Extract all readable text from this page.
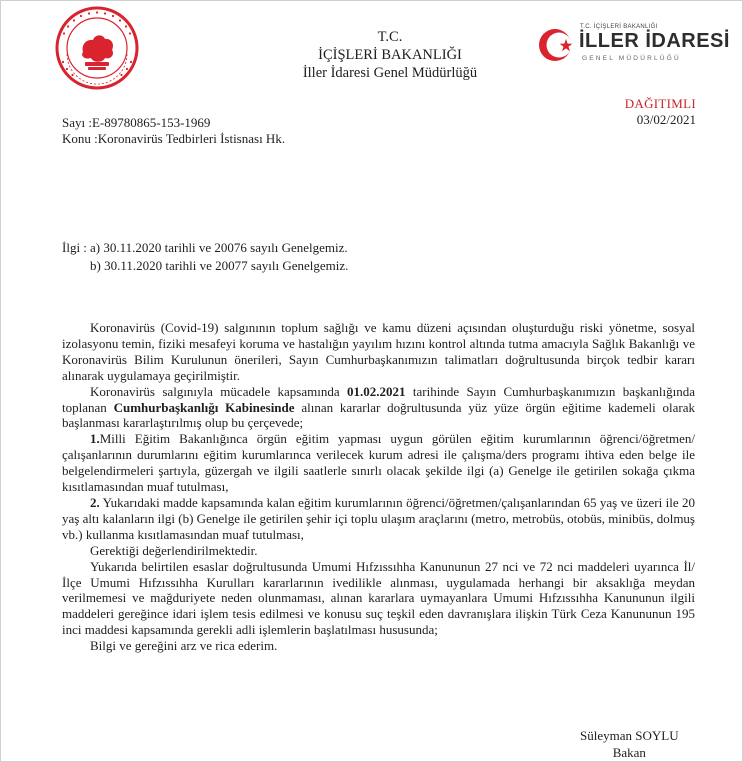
T.C.
İÇİŞLERİ BAKANLIĞI
İller İdaresi Genel Müdürlüğü
T.C. İÇİŞLERİ BAKANLIĞI
İLLER İDARESİ
GENEL MÜDÜRLÜĞÜ
DAĞITIMLI
03/02/2021
Sayı :E-89780865-153-1969
Konu :Koronavirüs Tedbirleri İstisnası Hk.
İlgi : a) 30.11.2020 tarihli ve 20076 sayılı Genelgemiz.
b) 30.11.2020 tarihli ve 20077 sayılı Genelgemiz.

Koronavirüs (Covid-19) salgınının toplum sağlığı ve kamu düzeni açısından oluşturduğu riski yönetme, sosyal izolasyonu temin, fiziki mesafeyi koruma ve hastalığın yayılım hızını kontrol altında tutma amacıyla Sağlık Bakanlığı ve Koronavirüs Bilim Kurulunun önerileri, Sayın Cumhurbaşkanımızın talimatları doğrultusunda birçok tedbir kararı alınarak uygulamaya geçirilmiştir.

Koronavirüs salgınıyla mücadele kapsamında 01.02.2021 tarihinde Sayın Cumhurbaşkanımızın başkanlığında toplanan Cumhurbaşkanlığı Kabinesinde alınan kararlar doğrultusunda yüz yüze örgün eğitime kademeli olarak başlanması kararlaştırılmış olup bu çerçevede;

1.Milli Eğitim Bakanlığınca örgün eğitim yapması uygun görülen eğitim kurumlarının öğrenci/öğretmen/çalışanlarının durumlarını eğitim kurumlarınca verilecek kurum adresi ile çalışma/ders programı ihtiva eden belge ile belgelendirmeleri şartıyla, güzergah ve ilgili saatlerle sınırlı olacak şekilde ilgi (a) Genelge ile getirilen sokağa çıkma kısıtlamasından muaf tutulması,

2. Yukarıdaki madde kapsamında kalan eğitim kurumlarının öğrenci/öğretmen/çalışanlarından 65 yaş ve üzeri ile 20 yaş altı kalanların ilgi (b) Genelge ile getirilen şehir içi toplu ulaşım araçlarını (metro, metrobüs, otobüs, minibüs, dolmuş vb.) kullanma kısıtlamasından muaf tutulması,

Gerektiği değerlendirilmektedir.

Yukarıda belirtilen esaslar doğrultusunda Umumi Hıfzıssıhha Kanununun 27 nci ve 72 nci maddeleri uyarınca İl/İlçe Umumi Hıfzıssıhha Kurulları kararlarının ivedilikle alınması, uygulamada herhangi bir aksaklığa meydan verilmemesi ve mağduriyete neden olunmaması, alınan kararlara uymayanlara Umumi Hıfzıssıhha Kanununun ilgili maddeleri gereğince idari işlem tesis edilmesi ve konusu suç teşkil eden davranışlara ilişkin Türk Ceza Kanununun 195 inci maddesi kapsamında gerekli adli işlemlerin başlatılması hususunda;

Bilgi ve gereğini arz ve rica ederim.

Süleyman SOYLU
Bakan
